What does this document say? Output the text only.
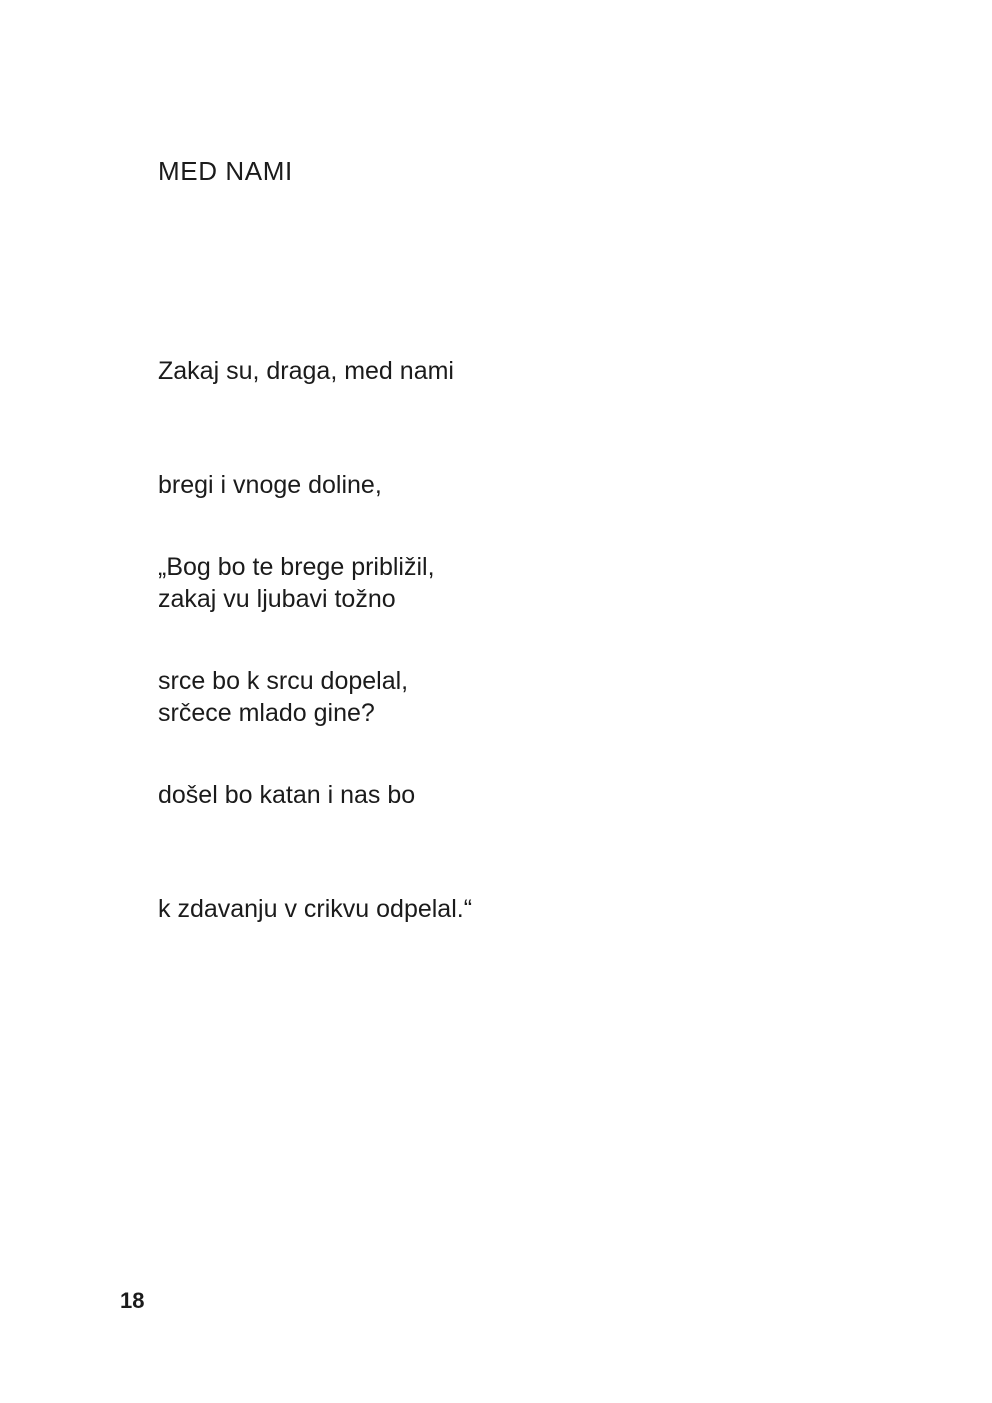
MED NAMI

Zakaj su, draga, med nami

bregi i vnoge doline,

zakaj vu ljubavi tožno

srčece mlado gine?

„Bog bo te brege približil,

srce bo k srcu dopelal,

došel bo katan i nas bo

k zdavanju v crikvu odpelal.“

18
